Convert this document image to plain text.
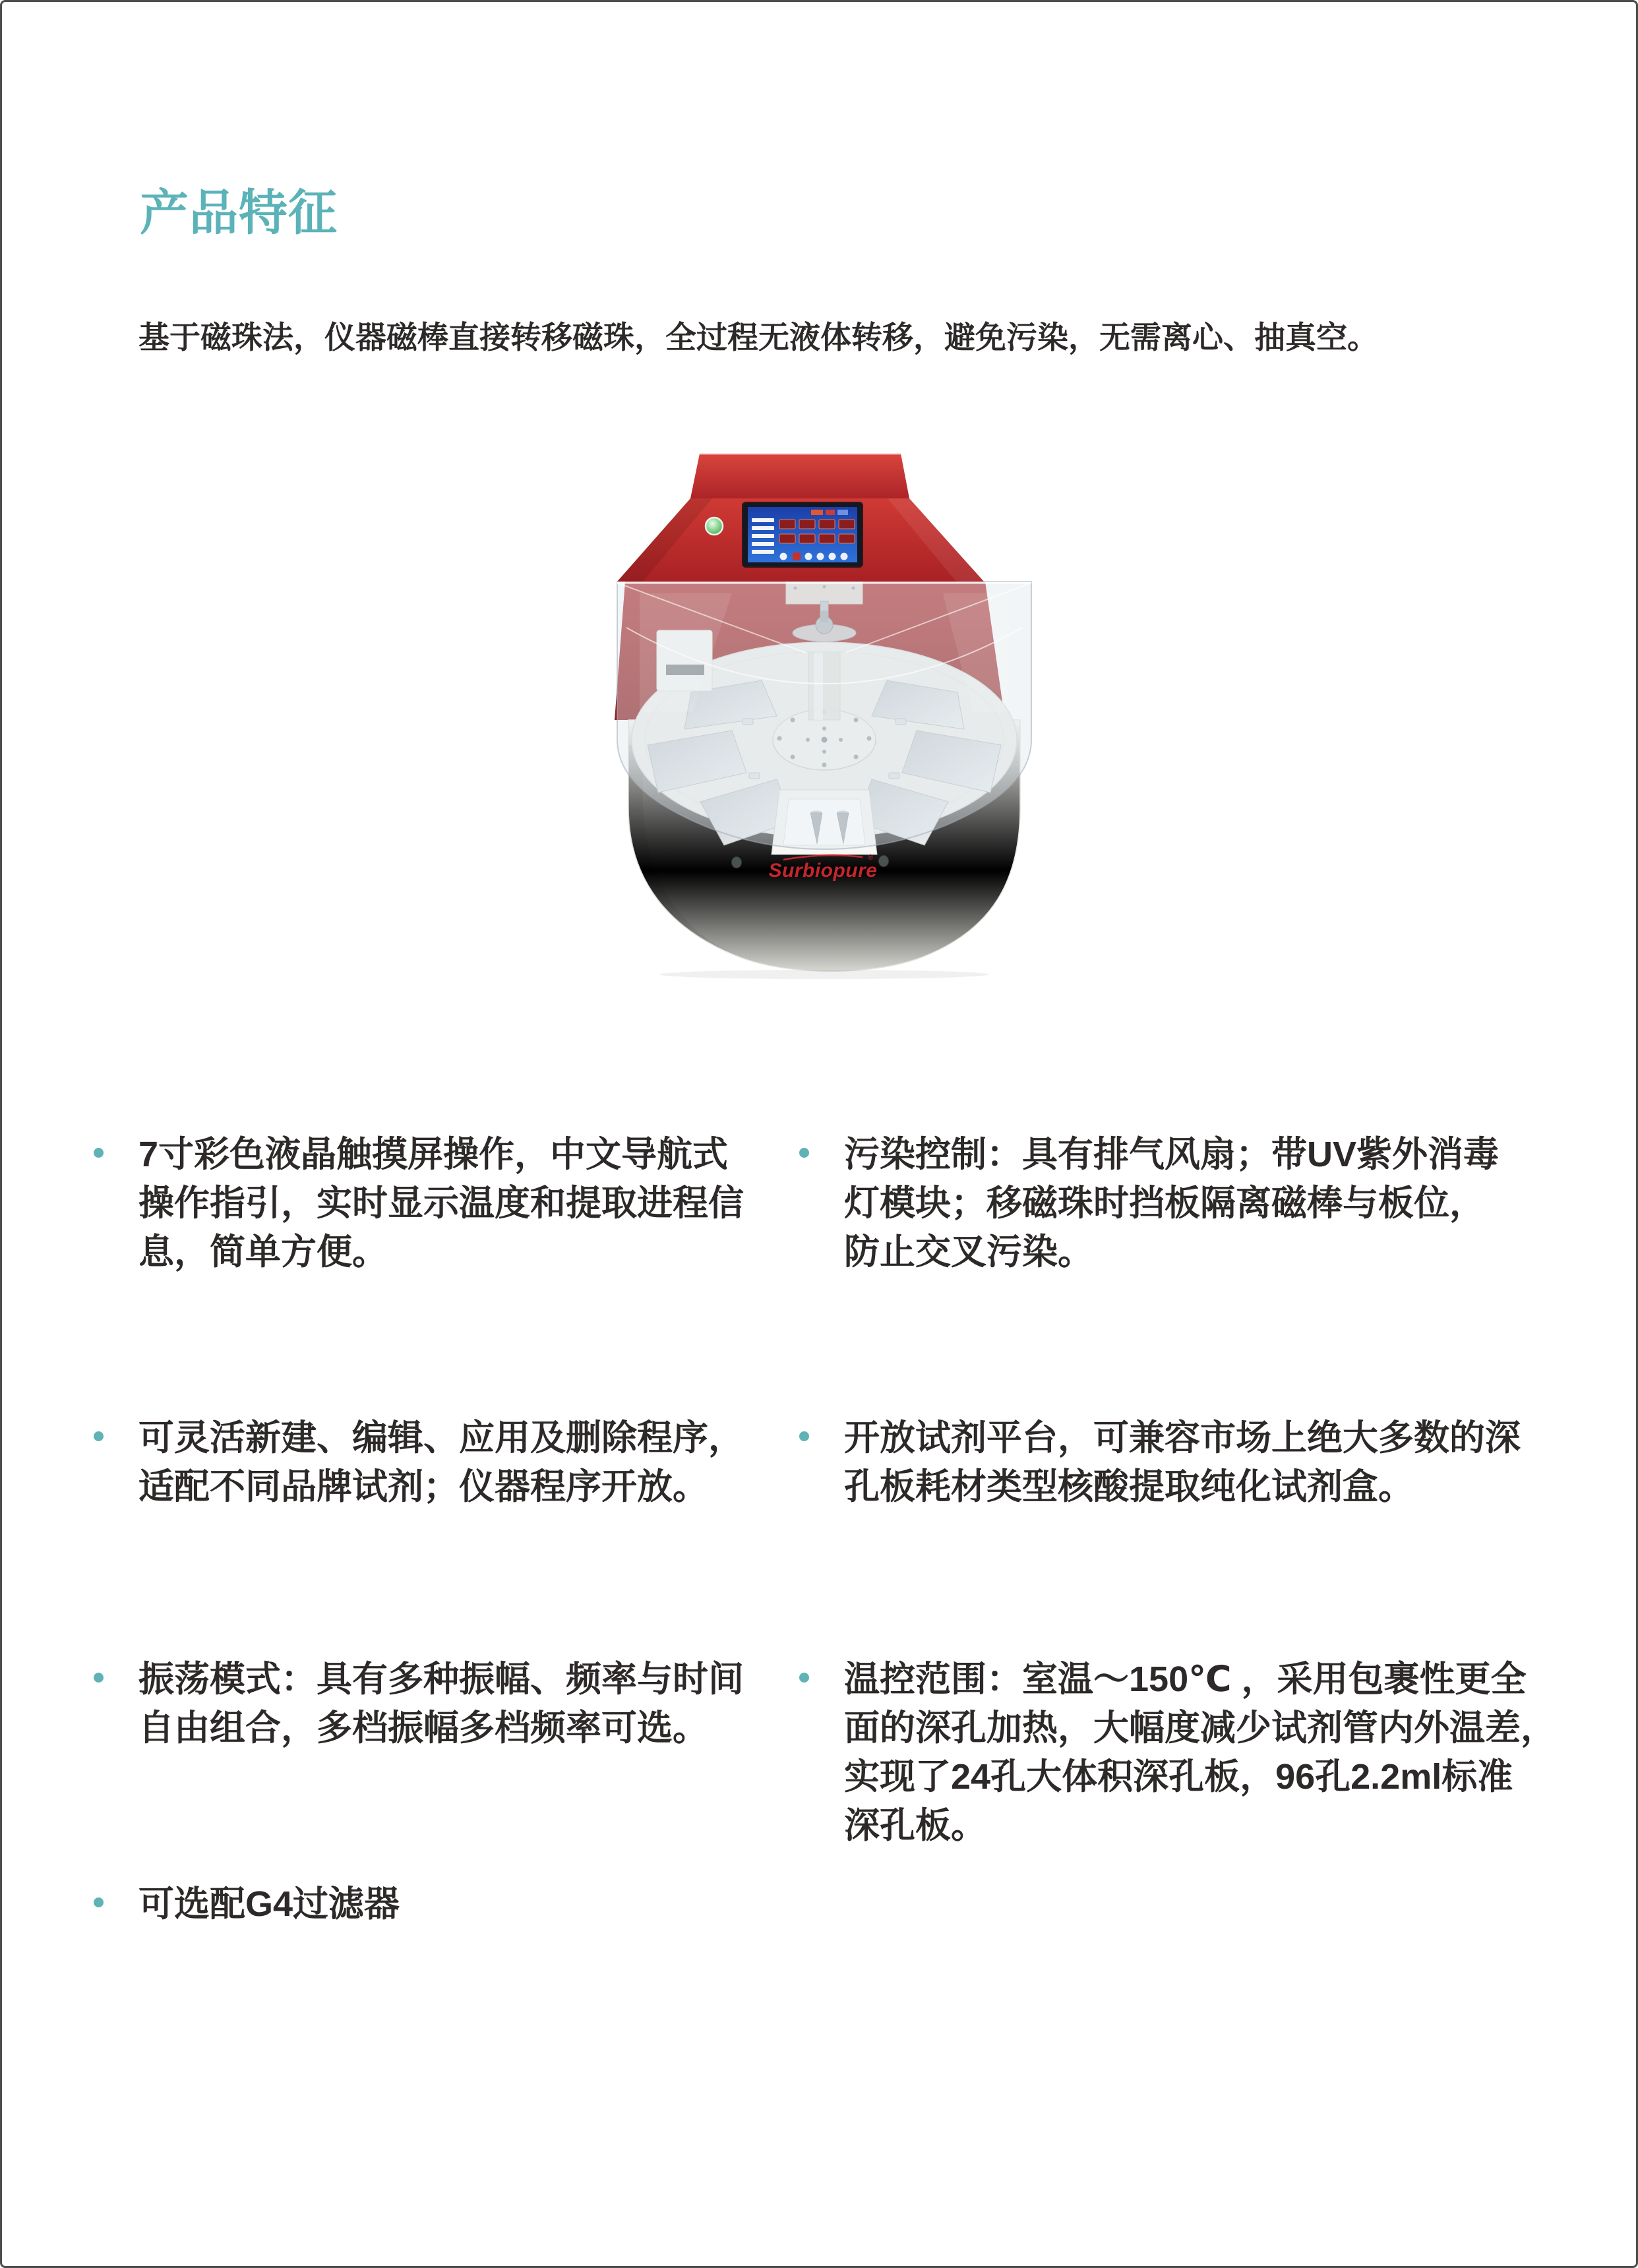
产品特征

基于磁珠法，仪器磁棒直接转移磁珠，全过程无液体转移，避免污染，无需离心、抽真空。

Surbiopure
®
7寸彩色液晶触摸屏操作，中文导航式
操作指引，实时显示温度和提取进程信
息，简单方便。
可灵活新建、编辑、应用及删除程序，
适配不同品牌试剂；仪器程序开放。
振荡模式：具有多种振幅、频率与时间
自由组合，多档振幅多档频率可选。
可选配G4过滤器
污染控制：具有排气风扇；带UV紫外消毒
灯模块；移磁珠时挡板隔离磁棒与板位，
防止交叉污染。
开放试剂平台，可兼容市场上绝大多数的深
孔板耗材类型核酸提取纯化试剂盒。
温控范围：室温～150℃ ，采用包裹性更全
面的深孔加热，大幅度减少试剂管内外温差，
实现了24孔大体积深孔板，96孔2.2ml标准
深孔板。
